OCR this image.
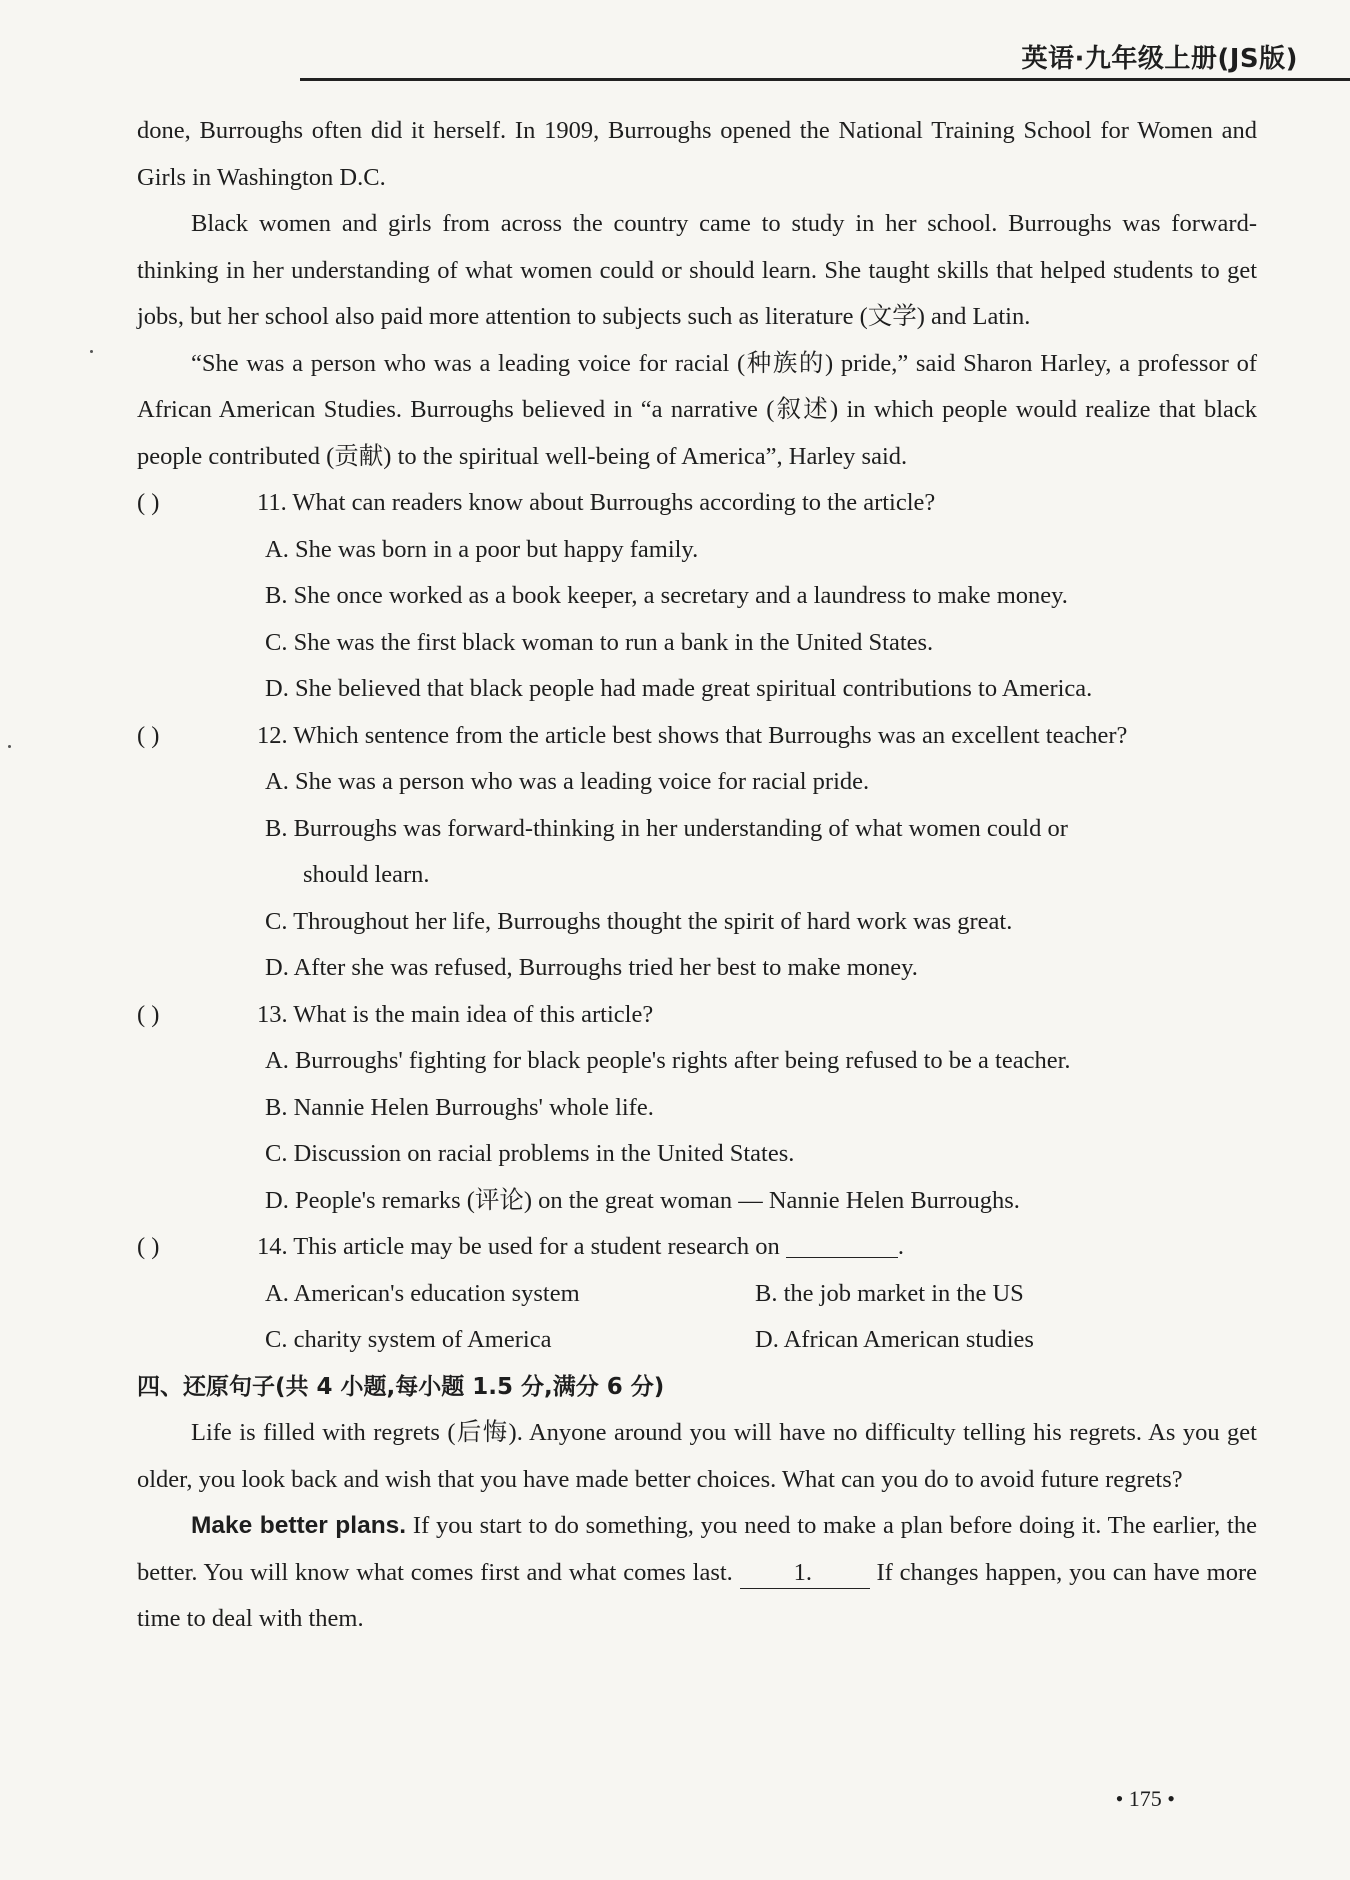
英语·九年级上册(JS版)

done, Burroughs often did it herself. In 1909, Burroughs opened the National Training School for Women and Girls in Washington D.C.

Black women and girls from across the country came to study in her school. Burroughs was forward-thinking in her understanding of what women could or should learn. She taught skills that helped students to get jobs, but her school also paid more attention to subjects such as literature (文学) and Latin.

“She was a person who was a leading voice for racial (种族的) pride,” said Sharon Harley, a professor of African American Studies. Burroughs believed in “a narrative (叙述) in which people would realize that black people contributed (贡献) to the spiritual well-being of America”, Harley said.

( )	11. What can readers know about Burroughs according to the article?

A. She was born in a poor but happy family.

B. She once worked as a book keeper, a secretary and a laundress to make money.

C. She was the first black woman to run a bank in the United States.

D. She believed that black people had made great spiritual contributions to America.

( )	12. Which sentence from the article best shows that Burroughs was an excellent teacher?

A. She was a person who was a leading voice for racial pride.

B. Burroughs was forward-thinking in her understanding of what women could or

should learn.

C. Throughout her life, Burroughs thought the spirit of hard work was great.

D. After she was refused, Burroughs tried her best to make money.

( )	13. What is the main idea of this article?

A. Burroughs' fighting for black people's rights after being refused to be a teacher.

B. Nannie Helen Burroughs' whole life.

C. Discussion on racial problems in the United States.

D. People's remarks (评论) on the great woman — Nannie Helen Burroughs.

( )	14. This article may be used for a student research on	.
A. American's education system	B. the job market in the US
C. charity system of America	D. African American studies

四、还原句子(共 4 小题,每小题 1.5 分,满分 6 分)

Life is filled with regrets (后悔). Anyone around you will have no difficulty telling his regrets. As you get older, you look back and wish that you have made better choices. What can you do to avoid future regrets?

Make better plans. If you start to do something, you need to make a plan before doing it. The earlier, the better. You will know what comes first and what comes last. 1. If changes happen, you can have more time to deal with them.

• 175 •
